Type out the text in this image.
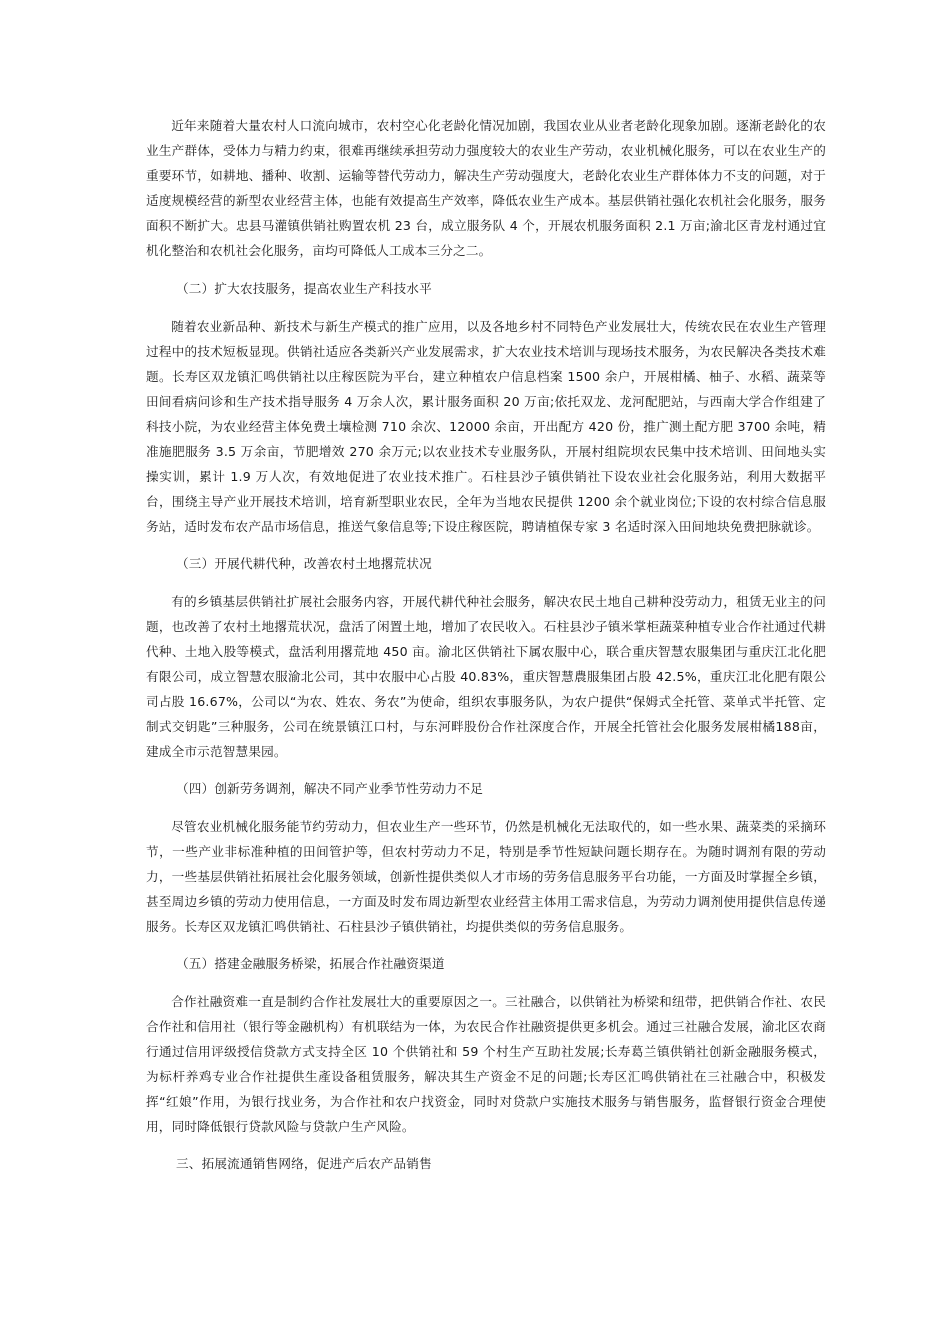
近年来随着大量农村人口流向城市，农村空心化老龄化情况加剧，我国农业从业者老龄化现象加剧。逐渐老龄化的农业生产群体，受体力与精力约束，很难再继续承担劳动力强度较大的农业生产劳动，农业机械化服务，可以在农业生产的重要环节，如耕地、播种、收割、运输等替代劳动力，解决生产劳动强度大，老龄化农业生产群体体力不支的问题，对于适度规模经营的新型农业经营主体，也能有效提高生产效率，降低农业生产成本。基层供销社强化农机社会化服务，服务面积不断扩大。忠县马灌镇供销社购置农机 23 台，成立服务队 4 个，开展农机服务面积 2.1 万亩;渝北区青龙村通过宜机化整治和农机社会化服务，亩均可降低人工成本三分之二。

（二）扩大农技服务，提高农业生产科技水平

随着农业新品种、新技术与新生产模式的推广应用，以及各地乡村不同特色产业发展壮大，传统农民在农业生产管理过程中的技术短板显现。供销社适应各类新兴产业发展需求，扩大农业技术培训与现场技术服务，为农民解决各类技术难题。长寿区双龙镇汇鸣供销社以庄稼医院为平台，建立种植农户信息档案 1500 余户，开展柑橘、柚子、水稻、蔬菜等田间看病问诊和生产技术指导服务 4 万余人次，累计服务面积 20 万亩;依托双龙、龙河配肥站，与西南大学合作组建了科技小院，为农业经营主体免费土壤检测 710 余次、12000 余亩，开出配方 420 份，推广测土配方肥 3700 余吨，精准施肥服务 3.5 万余亩，节肥增效 270 余万元;以农业技术专业服务队，开展村组院坝农民集中技术培训、田间地头实操实训，累计 1.9 万人次，有效地促进了农业技术推广。石柱县沙子镇供销社下设农业社会化服务站，利用大数据平台，围绕主导产业开展技术培训，培育新型职业农民，全年为当地农民提供 1200 余个就业岗位;下设的农村综合信息服务站，适时发布农产品市场信息，推送气象信息等;下设庄稼医院，聘请植保专家 3 名适时深入田间地块免费把脉就诊。

（三）开展代耕代种，改善农村土地撂荒状况

有的乡镇基层供销社扩展社会服务内容，开展代耕代种社会服务，解决农民土地自己耕种没劳动力，租赁无业主的问题，也改善了农村土地撂荒状况，盘活了闲置土地，增加了农民收入。石柱县沙子镇米掌柜蔬菜种植专业合作社通过代耕代种、土地入股等模式，盘活利用撂荒地 450 亩。渝北区供销社下属农服中心，联合重庆智慧农服集团与重庆江北化肥有限公司，成立智慧农服渝北公司，其中农服中心占股 40.83%，重庆智慧農服集团占股 42.5%，重庆江北化肥有限公司占股 16.67%，公司以“为农、姓农、务农”为使命，组织农事服务队，为农户提供“保姆式全托管、菜单式半托管、定制式交钥匙”三种服务，公司在统景镇江口村，与东河畔股份合作社深度合作，开展全托管社会化服务发展柑橘188亩，建成全市示范智慧果园。

（四）创新劳务调剂，解决不同产业季节性劳动力不足

尽管农业机械化服务能节约劳动力，但农业生产一些环节，仍然是机械化无法取代的，如一些水果、蔬菜类的采摘环节，一些产业非标准种植的田间管护等，但农村劳动力不足，特别是季节性短缺问题长期存在。为随时调剂有限的劳动力，一些基层供销社拓展社会化服务领域，创新性提供类似人才市场的劳务信息服务平台功能，一方面及时掌握全乡镇，甚至周边乡镇的劳动力使用信息，一方面及时发布周边新型农业经营主体用工需求信息，为劳动力调剂使用提供信息传递服务。长寿区双龙镇汇鸣供销社、石柱县沙子镇供销社，均提供类似的劳务信息服务。

（五）搭建金融服务桥梁，拓展合作社融资渠道

合作社融资难一直是制约合作社发展壮大的重要原因之一。三社融合，以供销社为桥梁和纽带，把供销合作社、农民合作社和信用社（银行等金融机构）有机联结为一体，为农民合作社融资提供更多机会。通过三社融合发展，渝北区农商行通过信用评级授信贷款方式支持全区 10 个供销社和 59 个村生产互助社发展;长寿葛兰镇供销社创新金融服务模式，为标杆养鸡专业合作社提供生產设备租赁服务，解决其生产资金不足的问题;长寿区汇鸣供销社在三社融合中，积极发挥“红娘”作用，为银行找业务，为合作社和农户找资金，同时对贷款户实施技术服务与销售服务，监督银行资金合理使用，同时降低银行贷款风险与贷款户生产风险。

三、拓展流通销售网络，促进产后农产品销售
